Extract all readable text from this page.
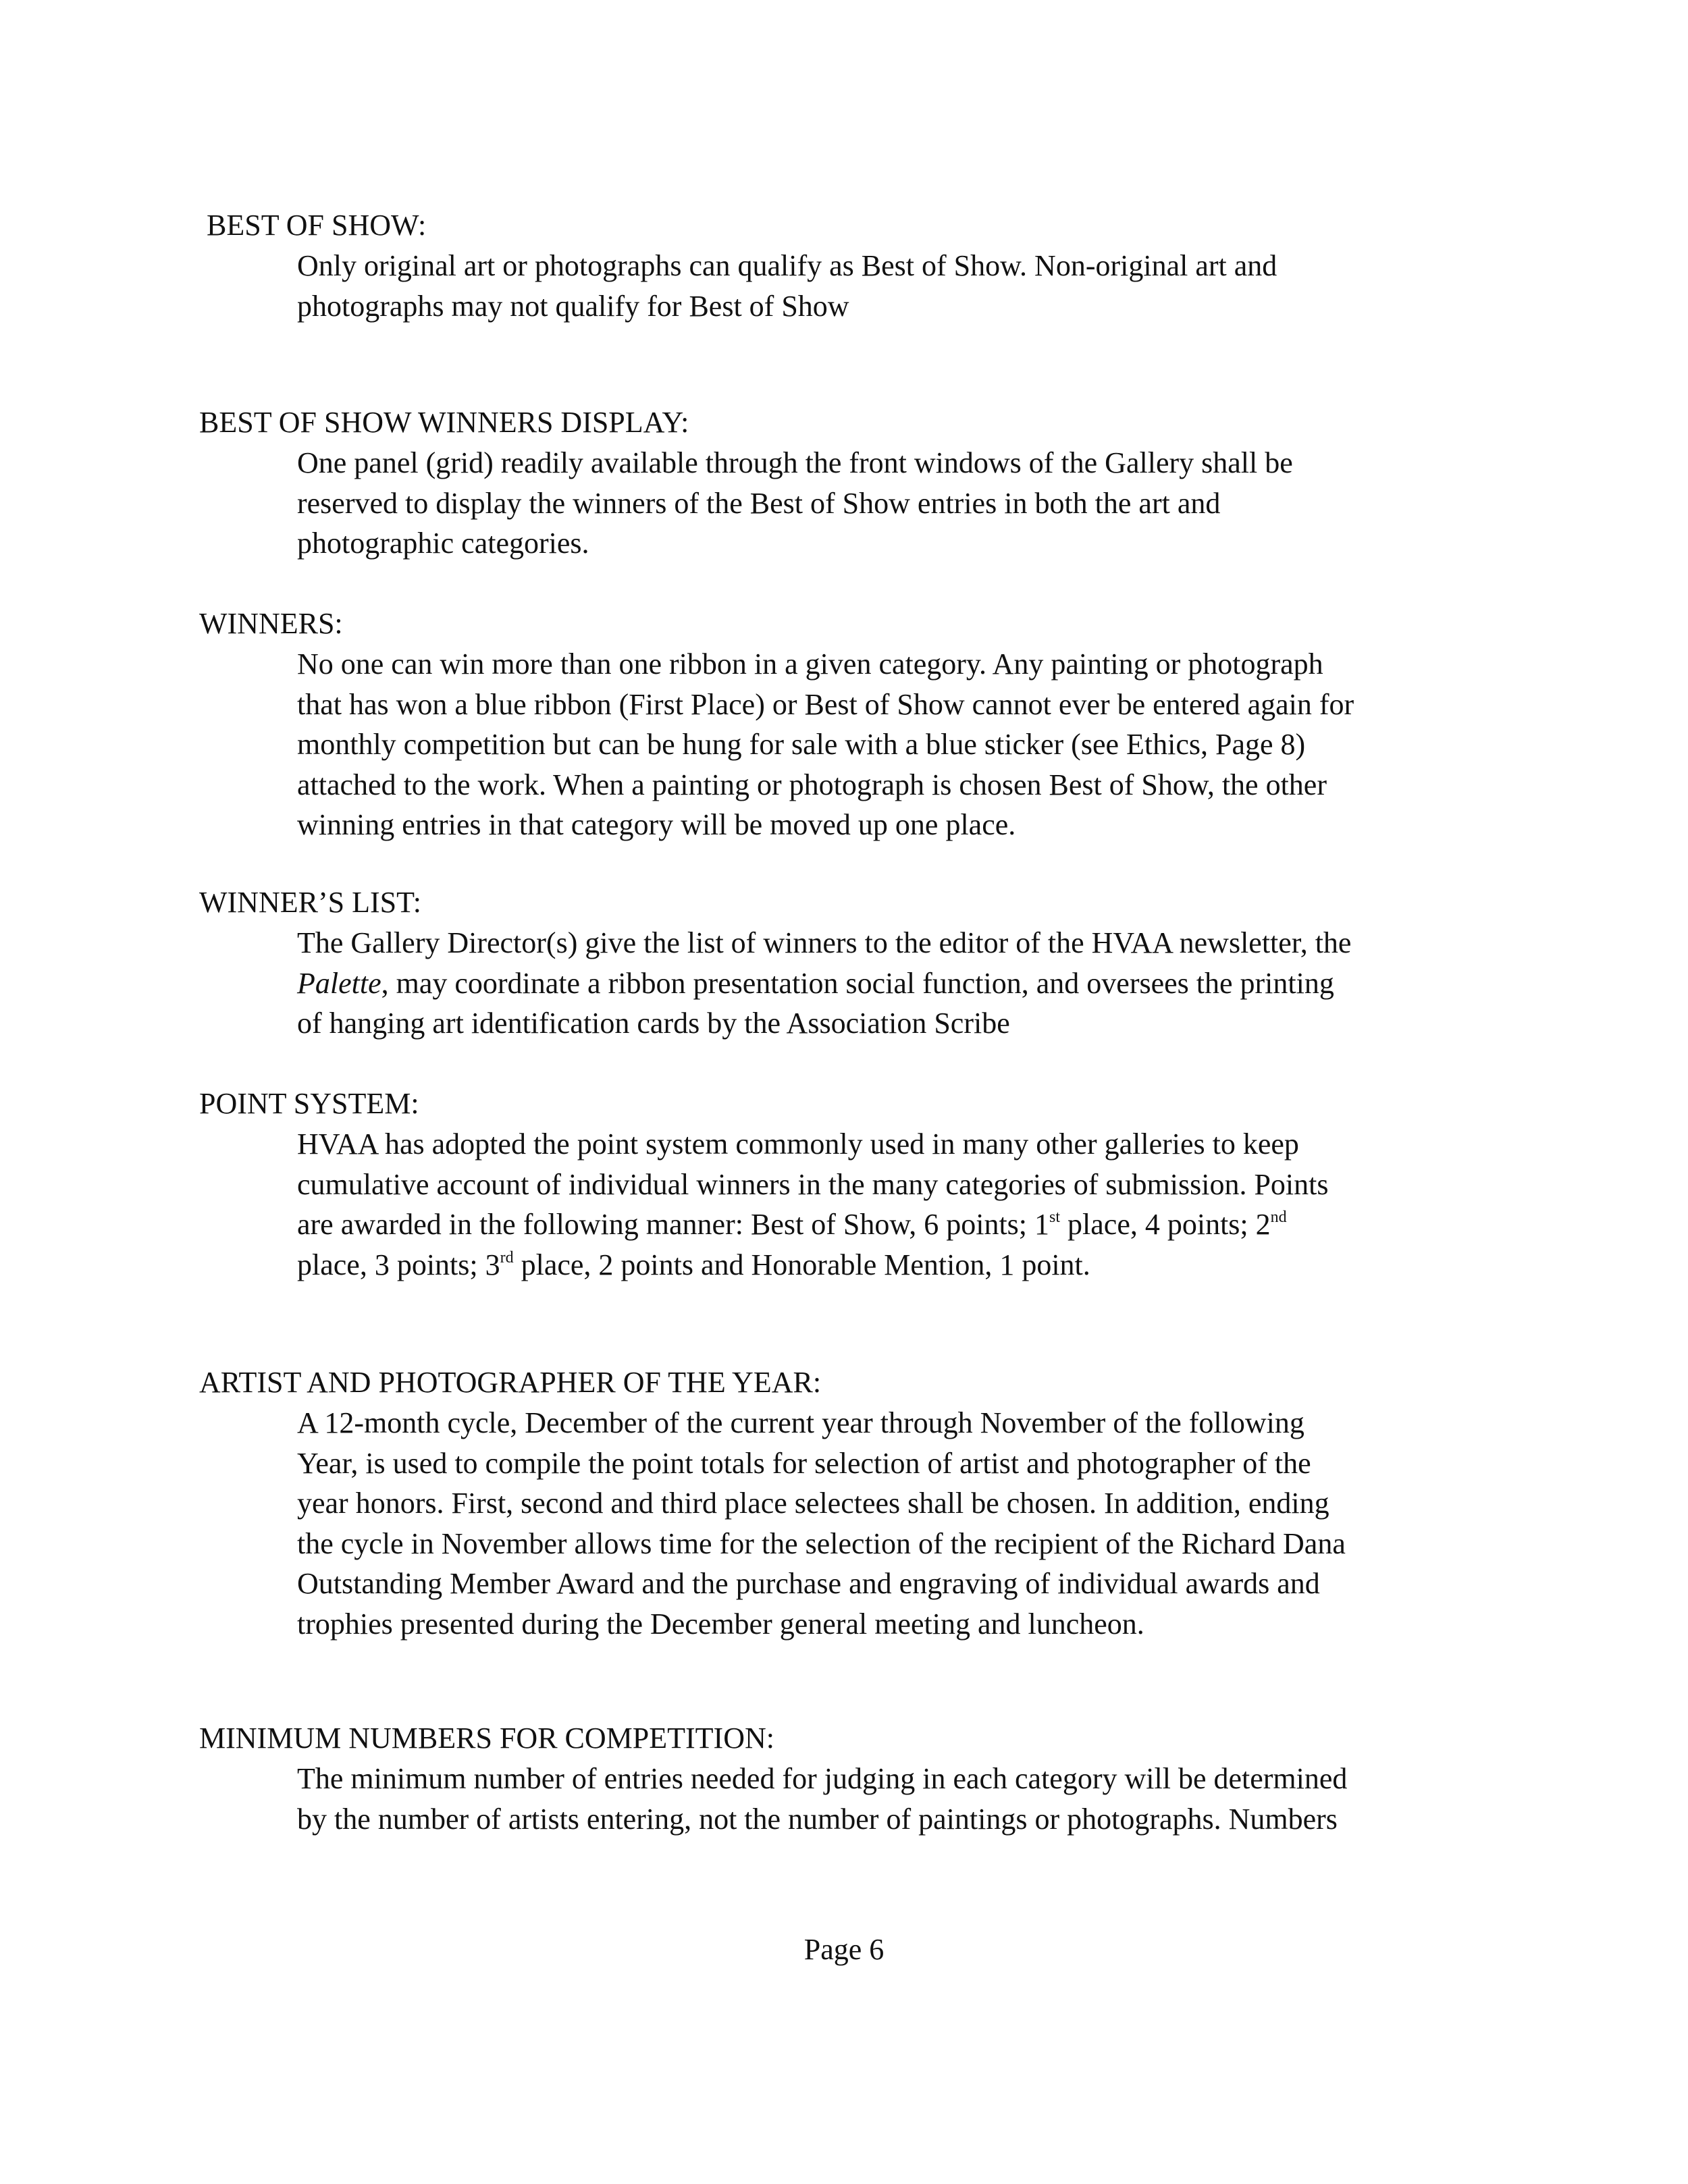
BEST OF SHOW:
Only original art or photographs can qualify as Best of Show. Non-original art and
photographs may not qualify for Best of Show
BEST OF SHOW WINNERS DISPLAY:
One panel (grid) readily available through the front windows of the Gallery shall be
reserved to display the winners of the Best of Show entries in both the art and
photographic categories.
WINNERS:
No one can win more than one ribbon in a given category. Any painting or photograph
that has won a blue ribbon (First Place) or Best of Show cannot ever be entered again for
monthly competition but can be hung for sale with a blue sticker (see Ethics, Page 8)
attached to the work. When a painting or photograph is chosen Best of Show, the other
winning entries in that category will be moved up one place.
WINNER’S LIST:
The Gallery Director(s) give the list of winners to the editor of the HVAA newsletter, the
Palette, may coordinate a ribbon presentation social function, and oversees the printing
of hanging art identification cards by the Association Scribe
POINT SYSTEM:
HVAA has adopted the point system commonly used in many other galleries to keep
cumulative account of individual winners in the many categories of submission. Points
are awarded in the following manner: Best of Show, 6 points; 1st place, 4 points; 2nd
place, 3 points; 3rd place, 2 points and Honorable Mention, 1 point.
ARTIST AND PHOTOGRAPHER OF THE YEAR:
A 12-month cycle, December of the current year through November of the following
Year, is used to compile the point totals for selection of artist and photographer of the
year honors. First, second and third place selectees shall be chosen. In addition, ending
the cycle in November allows time for the selection of the recipient of the Richard Dana
Outstanding Member Award and the purchase and engraving of individual awards and
trophies presented during the December general meeting and luncheon.
MINIMUM NUMBERS FOR COMPETITION:
The minimum number of entries needed for judging in each category will be determined
by the number of artists entering, not the number of paintings or photographs. Numbers
Page 6
